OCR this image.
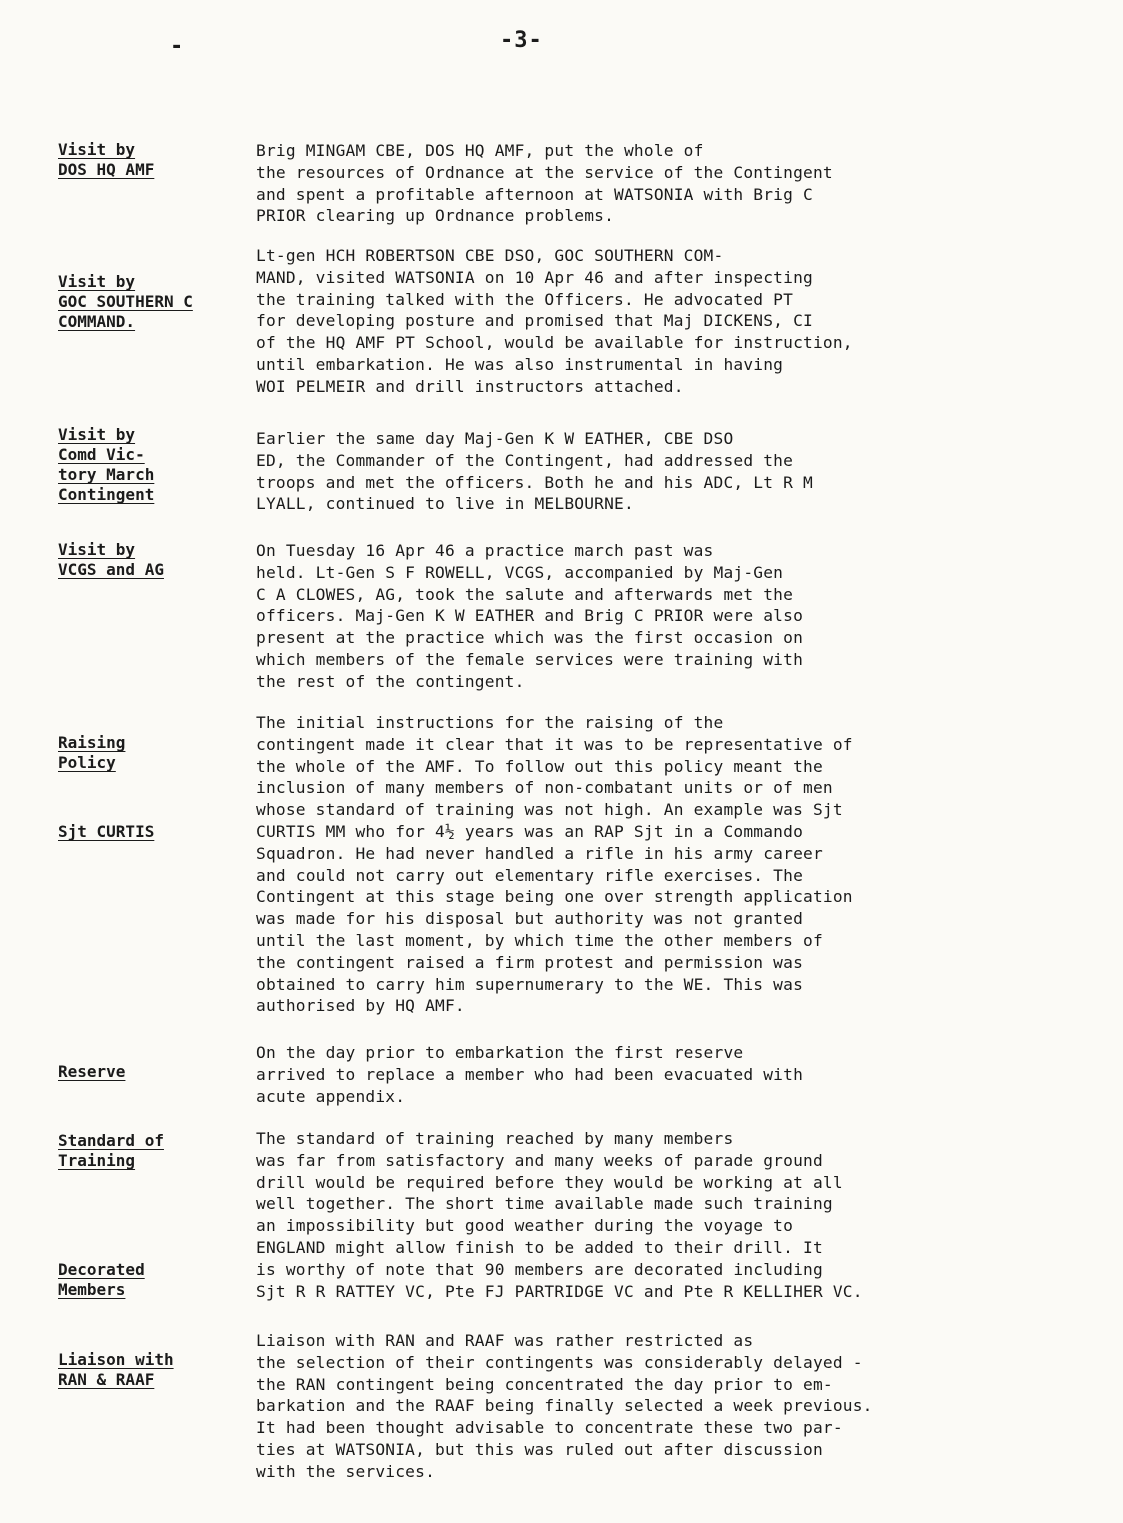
-3-
-
Visit by
DOS HQ AMF
Visit by
GOC SOUTHERN C
COMMAND.
Visit by
Comd Vic-
tory March
Contingent
Visit by
VCGS and AG
Raising
Policy
Sjt CURTIS
Reserve
Standard of
Training
Decorated
Members
Liaison with
RAN & RAAF
Brig MINGAM CBE, DOS HQ AMF, put the whole of
the resources of Ordnance at the service of the Contingent
and spent a profitable afternoon at WATSONIA with Brig C
PRIOR clearing up Ordnance problems.
Lt-gen HCH ROBERTSON CBE DSO, GOC SOUTHERN COM-
MAND, visited WATSONIA on 10 Apr 46 and after inspecting
the training talked with the Officers. He advocated PT
for developing posture and promised that Maj DICKENS, CI
of the HQ AMF PT School, would be available for instruction,
until embarkation. He was also instrumental in having
WOI PELMEIR and drill instructors attached.
Earlier the same day Maj-Gen K W EATHER, CBE DSO
ED, the Commander of the Contingent, had addressed the
troops and met the officers. Both he and his ADC, Lt R M
LYALL, continued to live in MELBOURNE.
On Tuesday 16 Apr 46 a practice march past was
held. Lt-Gen S F ROWELL, VCGS, accompanied by Maj-Gen
C A CLOWES, AG, took the salute and afterwards met the
officers. Maj-Gen K W EATHER and Brig C PRIOR were also
present at the practice which was the first occasion on
which members of the female services were training with
the rest of the contingent.
The initial instructions for the raising of the
contingent made it clear that it was to be representative of
the whole of the AMF. To follow out this policy meant the
inclusion of many members of non-combatant units or of men
whose standard of training was not high. An example was Sjt
CURTIS MM who for 4½ years was an RAP Sjt in a Commando
Squadron. He had never handled a rifle in his army career
and could not carry out elementary rifle exercises. The
Contingent at this stage being one over strength application
was made for his disposal but authority was not granted
until the last moment, by which time the other members of
the contingent raised a firm protest and permission was
obtained to carry him supernumerary to the WE. This was
authorised by HQ AMF.
On the day prior to embarkation the first reserve
arrived to replace a member who had been evacuated with
acute appendix.
The standard of training reached by many members
was far from satisfactory and many weeks of parade ground
drill would be required before they would be working at all
well together. The short time available made such training
an impossibility but good weather during the voyage to
ENGLAND might allow finish to be added to their drill. It
is worthy of note that 90 members are decorated including
Sjt R R RATTEY VC, Pte FJ PARTRIDGE VC and Pte R KELLIHER VC.
Liaison with RAN and RAAF was rather restricted as
the selection of their contingents was considerably delayed -
the RAN contingent being concentrated the day prior to em-
barkation and the RAAF being finally selected a week previous.
It had been thought advisable to concentrate these two par-
ties at WATSONIA, but this was ruled out after discussion
with the services.
